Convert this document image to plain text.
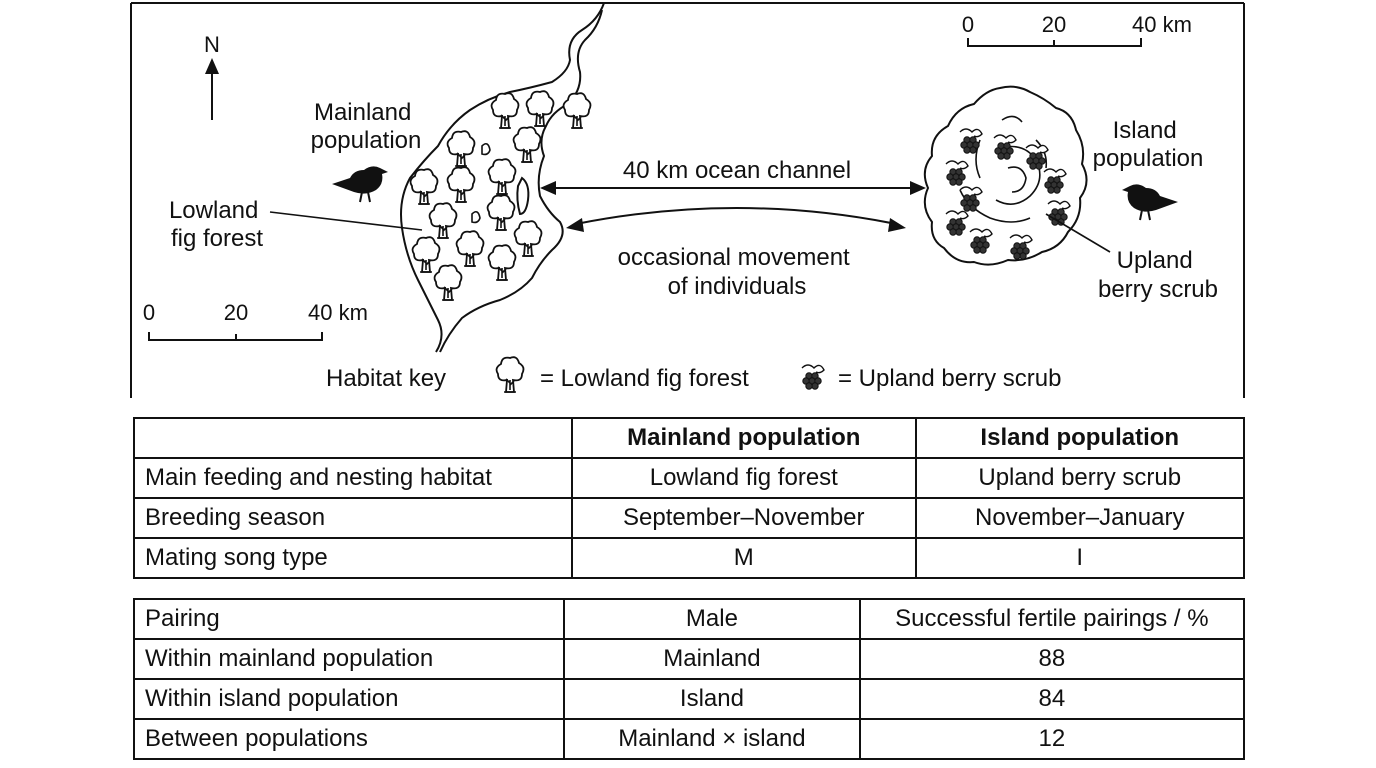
N
0	20	40 km
0	20	40 km
Mainland population
Lowland fig forest
Island population
Upland berry scrub
40 km ocean channel
occasional movement of individuals
Habitat key	= Lowland fig forest	= Upland berry scrub
	Mainland population	Island population
Main feeding and nesting habitat	Lowland fig forest	Upland berry scrub
Breeding season	September–November	November–January
Mating song type	M	I
Pairing	Male	Successful fertile pairings / %
Within mainland population	Mainland	88
Within island population	Island	84
Between populations	Mainland × island	12
